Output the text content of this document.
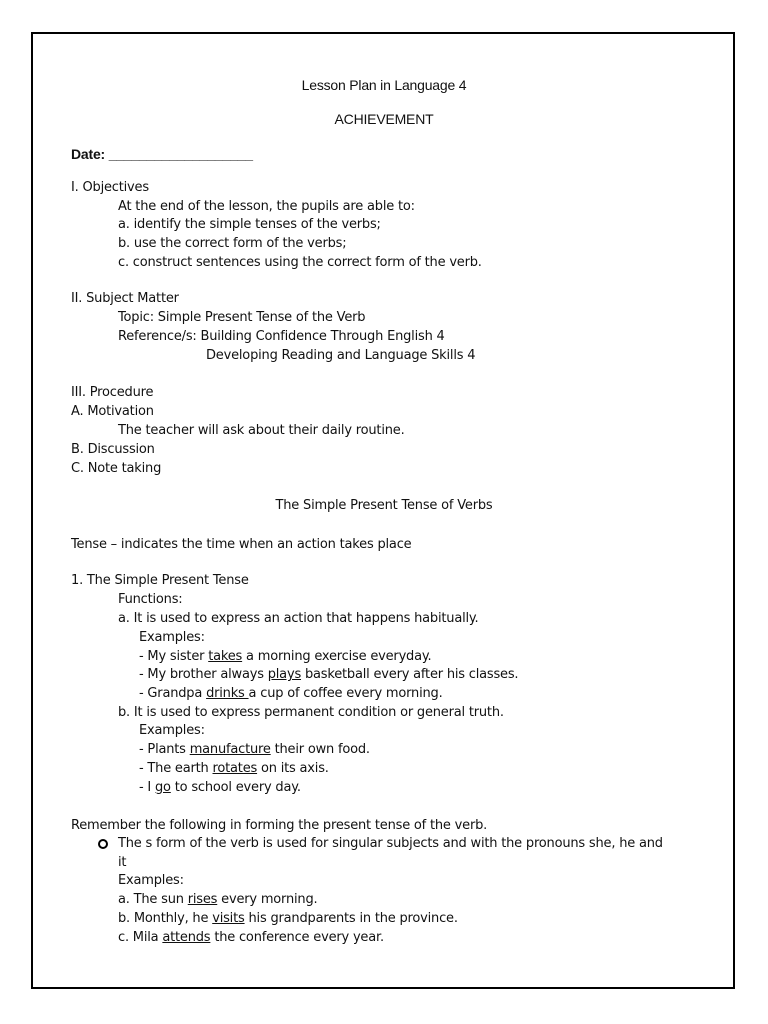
Lesson Plan in Language 4
ACHIEVEMENT
Date: ___________________
I. Objectives
At the end of the lesson, the pupils are able to:
a. identify the simple tenses of the verbs;
b. use the correct form of the verbs;
c. construct sentences using the correct form of the verb.
II. Subject Matter
Topic: Simple Present Tense of the Verb
Reference/s: Building Confidence Through English 4
Developing Reading and Language Skills 4
III. Procedure
A. Motivation
The teacher will ask about their daily routine.
B. Discussion
C. Note taking
The Simple Present Tense of Verbs
Tense – indicates the time when an action takes place
1. The Simple Present Tense
Functions:
a. It is used to express an action that happens habitually.
Examples:
- My sister takes a morning exercise everyday.
- My brother always plays basketball every after his classes.
- Grandpa drinks a cup of coffee every morning.
b. It is used to express permanent condition or general truth.
Examples:
- Plants manufacture their own food.
- The earth rotates on its axis.
- I go to school every day.
Remember the following in forming the present tense of the verb.
The s form of the verb is used for singular subjects and with the pronouns she, he and
it
Examples:
a. The sun rises every morning.
b. Monthly, he visits his grandparents in the province.
c. Mila attends the conference every year.
